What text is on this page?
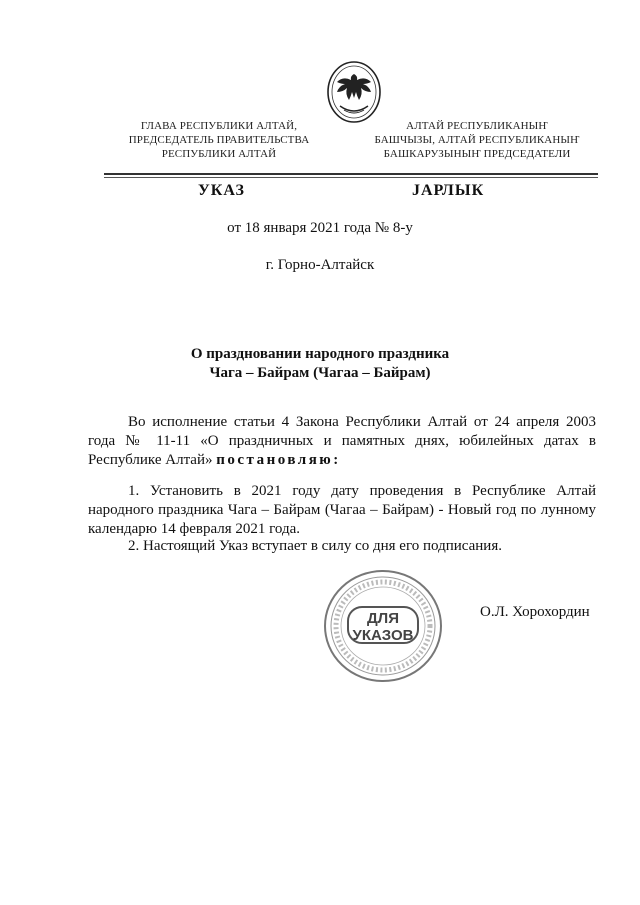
ГЛАВА РЕСПУБЛИКИ АЛТАЙ,
ПРЕДСЕДАТЕЛЬ ПРАВИТЕЛЬСТВА
РЕСПУБЛИКИ АЛТАЙ
АЛТАЙ РЕСПУБЛИКАНЫҤ
БАШЧЫЗЫ, АЛТАЙ РЕСПУБЛИКАНЫҤ
БАШКАРУЗЫНЫҤ ПРЕДСЕДАТЕЛИ
УКАЗ	ЈАРЛЫК
от 18 января 2021 года № 8-у
г. Горно-Алтайск
О праздновании народного праздника
Чага – Байрам (Чагаа – Байрам)
Во исполнение статьи 4 Закона Республики Алтай от 24 апреля 2003 года № 11-11 «О праздничных и памятных днях, юбилейных датах в Республике Алтай» постановляю:
1. Установить в 2021 году дату проведения в Республике Алтай народного праздника Чага – Байрам (Чагаа – Байрам) - Новый год по лунному календарю 14 февраля 2021 года.
2. Настоящий Указ вступает в силу со дня его подписания.
ДЛЯ
УКАЗОВ
О.Л. Хорохордин
